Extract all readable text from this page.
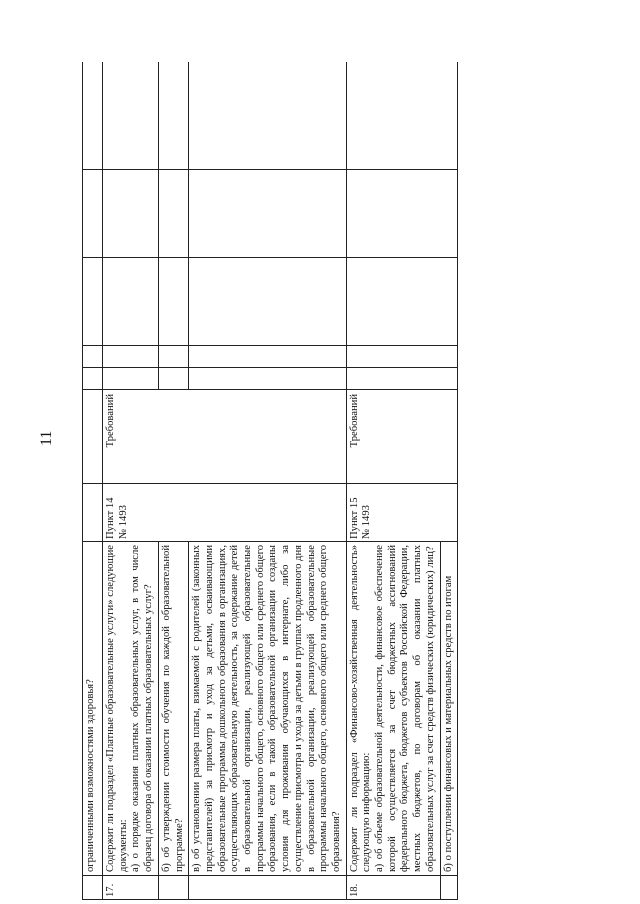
11
	ограниченными возможностями здоровья?							
17.	Содержит ли подраздел «Платные образовательные услуги» следующие документы: а) о порядке оказания платных образовательных услуг, в том числе образец договора об оказании платных образовательных услуг?	Пункт 14 № 1493	Требований					

	б) об утверждении стоимости обучения по каждой образовательной программе?							
	в) об установлении размера платы, взимаемой с родителей (законных представителей) за присмотр и уход за детьми, осваивающими образовательные программы дошкольного образования в организациях, осуществляющих образовательную деятельность, за содержание детей в образовательной организации, реализующей образовательные программы начального общего, основного общего или среднего общего образования, если в такой образовательной организации созданы условия для проживания обучающихся в интернате, либо за осуществление присмотра и ухода за детьми в группах продленного дня в образовательной организации, реализующей образовательные программы начального общего, основного общего или среднего общего образования?							
18.	Содержит ли подраздел «Финансово-хозяйственная деятельность» следующую информацию: а) об объеме образовательной деятельности, финансовое обеспечение которой осуществляется за счет бюджетных ассигнований федерального бюджета, бюджетов субъектов Российской Федерации, местных бюджетов, по договорам об оказании платных образовательных услуг за счет средств физических (юридических) лиц?	Пункт 15 № 1493	Требований					
	б) о поступлении финансовых и материальных средств по итогам							
